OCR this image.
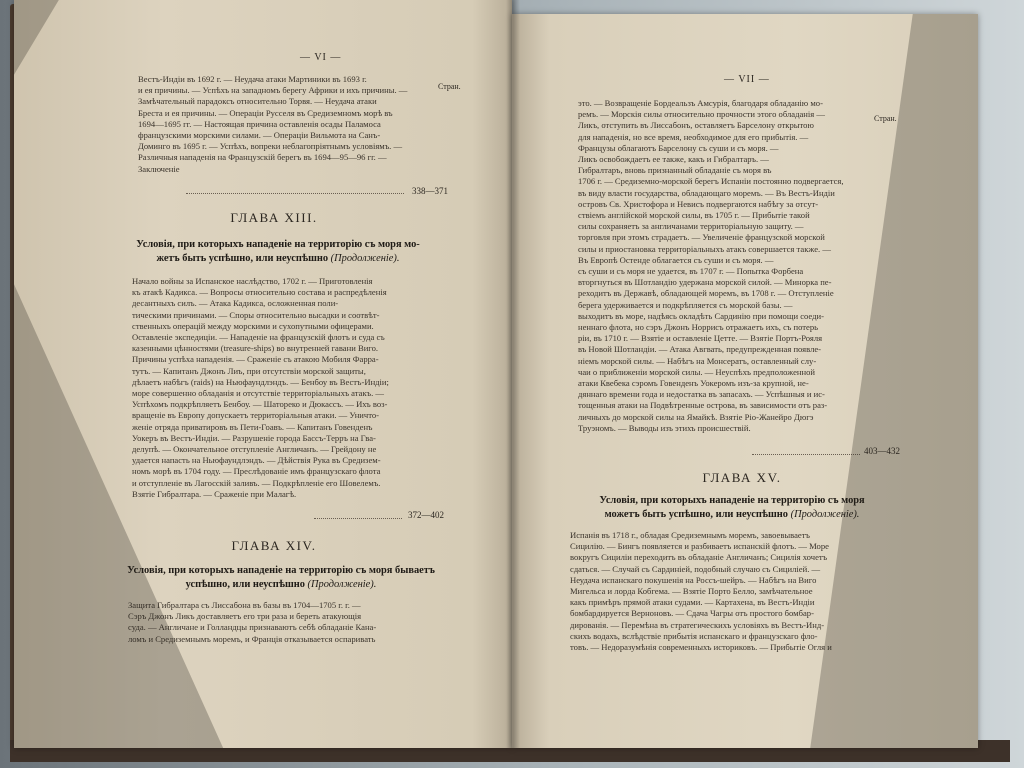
— VI —
Стран.
Вестъ-Индіи въ 1692 г. — Неудача атаки Мартиники въ 1693 г.
и ея причины. — Успѣхъ на западномъ берегу Африки и ихъ причины. —
Замѣчательный парадоксъ относительно Торвя. — Неудача атаки
Бреста и ея причины. — Операціи Русселя въ Средиземномъ морѣ въ
1694—1695 гг. — Настоящая причина оставленія осады Паламоса
французскими морскими силами. — Операціи Вильмота на Санъ-
Доминго въ 1695 г. — Успѣхъ, вопреки неблагопріятнымъ условіямъ. —
Различныя нападенія на Французскій берегъ въ 1694—95—96 гг. —
Заключеніе
338—371
ГЛАВА XIII.
Условія, при которыхъ нападеніе на территорію съ моря мо-
жетъ быть успѣшно, или неуспѣшно (Продолженіе).
Начало войны за Испанское наслѣдство, 1702 г. — Приготовленія
къ атакѣ Кадикса. — Вопросы относительно состава и распредѣленія
десантныхъ силъ. — Атака Кадикса, осложненная поли-
тическими причинами. — Споры относительно высадки и соотвѣт-
ственныхъ операцій между морскими и сухопутными офицерами.
Оставленіе экспедиціи. — Нападеніе на французскій флотъ и суда съ
казенными цѣнностями (treasure-ships) во внутренней гавани Виго.
Причины успѣха нападенія. — Сраженіе съ атакою Мобиля Фарра-
тутъ. — Капитанъ Джонъ Лиъ, при отсутствіи морской защиты,
дѣлаетъ набѣгъ (raids) на Ньюфаундлэндъ. — Бенбоу въ Вестъ-Индіи;
море совершенно обладанія и отсутствіе территоріальныхъ атакъ. —
Успѣхомъ подкрѣпляетъ Бенбоу. — Шатореко и Дюкассъ. — Ихъ воз-
вращеніе въ Европу допускаетъ территоріальныя атаки. — Уничто-
женіе отряда приватировъ въ Пети-Гоавъ. — Капитанъ Говенденъ
Уокеръ въ Вестъ-Индіи. — Разрушеніе города Бассъ-Терръ на Гва-
делупѣ. — Окончательное отступленіе Англичанъ. — Грейдону не
удается напасть на Ньюфаундлэндъ. — Дѣйствія Рука въ Средизем-
номъ морѣ въ 1704 году. — Преслѣдованіе имъ французскаго флота
и отступленіе въ Лагосскій заливъ. — Подкрѣпленіе его Шовелемъ.
Взятіе Гибралтара. — Сраженіе при Малагѣ.
372—402
ГЛАВА XIV.
Условія, при которыхъ нападеніе на территорію съ моря бываетъ
успѣшно, или неуспѣшно (Продолженіе).
Защита Гибралтара съ Лиссабона въ базы въ 1704—1705 г. г. —
Сэръ Джонъ Ликъ доставляетъ его три раза и береть атакующія
суда. — Англичане и Голландцы признаваютъ себѣ обладаніе Кана-
ломъ и Средиземнымъ моремъ, и Франція отказывается оспаривать
— VII —
Стран.
это. — Возвращеніе Бордеальзъ Амсурія, благодаря обладанію мо-
ремъ. — Морскія силы относительно прочности этого обладанія —
Ликъ, отступить въ Лиссабонъ, оставляетъ Барселону открытою
для нападенія, но все время, необходимое для его прибытія. —
Французы облагаютъ Барселону съ суши и съ моря. —
Ликъ освобождаетъ ее также, какъ и Гибралтаръ. —
Гибралтаръ, вновь признанный обладаніе съ моря въ
1706 г. — Средиземно-морской берегъ Испаніи постоянно подвергается,
въ виду власти государства, обладающаго моремъ. — Въ Вестъ-Индіи
островъ Св. Христофора и Невисъ подвергаются набѣгу за отсут-
ствіемъ англійской морской силы, въ 1705 г. — Прибытіе такой
силы сохраняетъ за англичанами территоріальную защиту. —
торговля при этомъ страдаетъ. — Увеличеніе французской морской
силы и приостановка территоріальныхъ атакъ совершается также. —
Въ Европѣ Остенде облагается съ суши и съ моря. —
съ суши и съ моря не удается, въ 1707 г. — Попытка Форбена
вторгнуться въ Шотландію удержана морской силой. — Минорка пе-
реходитъ въ Державѣ, обладающей моремъ, въ 1708 г. — Отступленіе
берега удерживается и подкрѣпляется съ морской базы. —
выходитъ въ море, надѣясь окладѣть Сардинію при помощи соеди-
неннаго флота, но сэръ Джонъ Норрисъ отражаетъ ихъ, съ потерь
ріи, въ 1710 г. — Взятіе и оставленіе Цетте. — Взятіе Портъ-Рояля
въ Новой Шотландіи. — Атака Авгвать, предупрежденная появле-
ніемъ морской силы. — Набѣгъ на Монсератъ, оставленный слу-
чаи о приближеніи морской силы. — Неуспѣхъ предположенной
атаки Квебека сэромъ Говенденъ Уокеромъ изъ-за крупной, не-
дяннаго времени года и недостатка въ запасахъ. — Успѣшныя и ис-
тощенныя атаки на Подвѣтренные острова, въ зависимости отъ раз-
личныхъ до морской силы на Ямайкѣ. Взятіе Ріо-Жанейро Дюгэ
Труэномъ. — Выводы изъ этихъ происшествій.
403—432
ГЛАВА XV.
Условія, при которыхъ нападеніе на территорію съ моря
можетъ быть успѣшно, или неуспѣшно (Продолженіе).
Испанія въ 1718 г., обладая Средиземнымъ моремъ, завоевываетъ
Сицилію. — Бингъ появляется и разбиваетъ испанскій флотъ. — Море
вокругъ Сициліи переходитъ въ обладаніе Англичанъ; Сицилія хочетъ
сдаться. — Случай съ Сардиніей, подобный случаю съ Сициліей. —
Неудача испанскаго покушенія на Россъ-шейръ. — Набѣгъ на Виго
Мигельса и лорда Кобгема. — Взятіе Порто Белло, замѣчательное
какъ примѣръ прямой атаки судами. — Картахена, въ Вестъ-Индіи
бомбардируется Верноновъ. — Сдача Чагры отъ простого бомбар-
дированія. — Перемѣна въ стратегическихъ условіяхъ въ Вестъ-Инд-
скихъ водахъ, вслѣдствіе прибытія испанскаго и французскаго фло-
товъ. — Недоразумѣнія современныхъ историковъ. — Прибытіе Огля и
